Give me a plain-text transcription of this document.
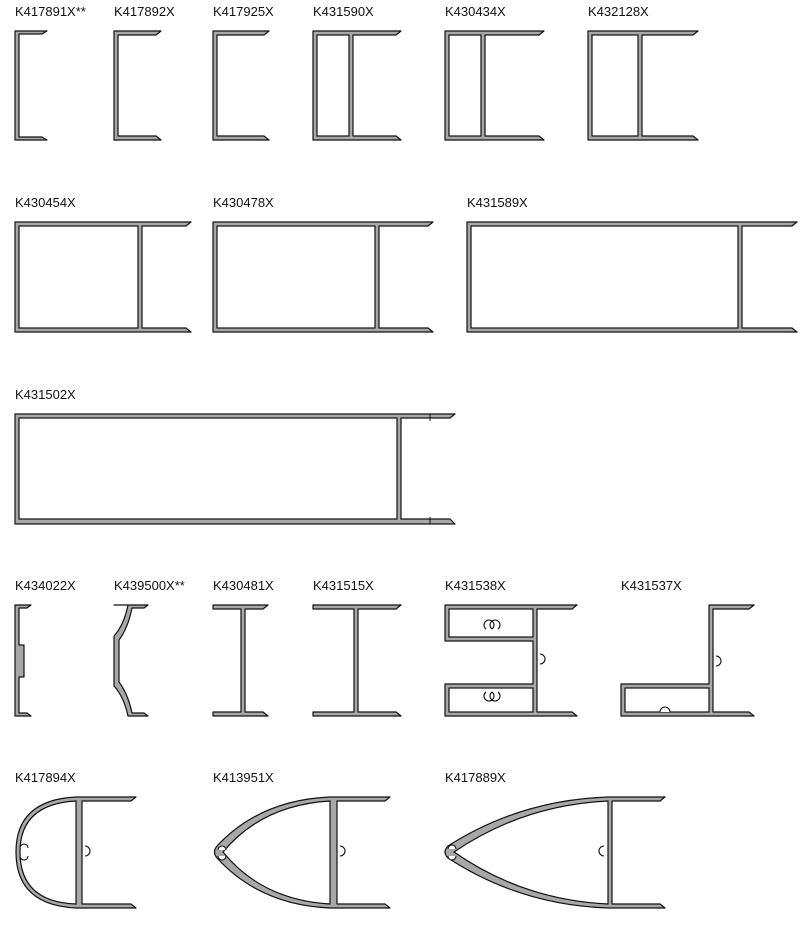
K417891X** K417892X	K417925X	K431590X	K430434X	K432128X
K430454X	K430478X	K431589X
K431502X
K434022X	K439500X** K430481X	K431515X	K431538X	K431537X
K417894X	K413951X	K417889X
